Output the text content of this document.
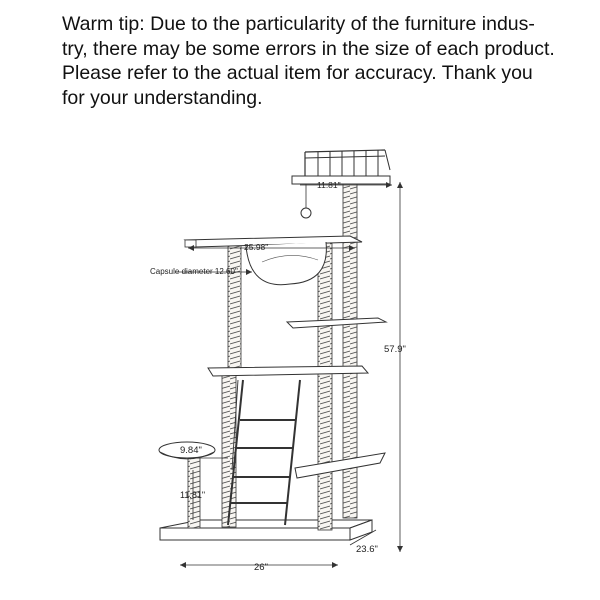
Warm tip: Due to the particularity of the furniture indus-
try, there may be some errors in the size of each product.
Please refer to the actual item for accuracy. Thank you
for your understanding.
11.81"
25.98"
Capsule diameter 12.60"
57.9"
9.84"
11.81"
26"
23.6"
